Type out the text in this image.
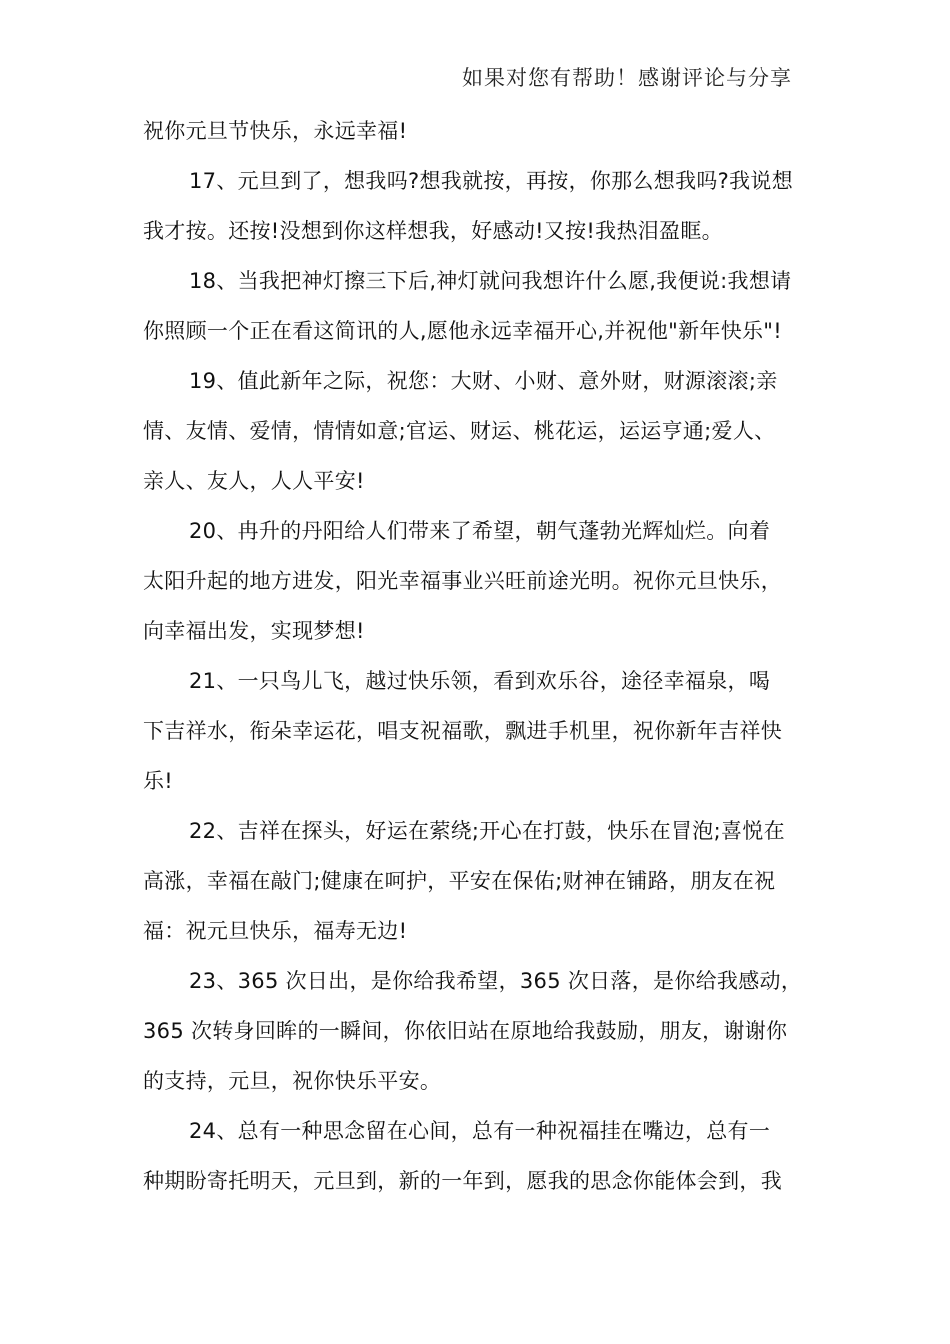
如果对您有帮助！感谢评论与分享
祝你元旦节快乐，永远幸福!
17、元旦到了，想我吗?想我就按，再按，你那么想我吗?我说想
我才按。还按!没想到你这样想我，好感动!又按!我热泪盈眶。
18、当我把神灯擦三下后,神灯就问我想许什么愿,我便说:我想请
你照顾一个正在看这简讯的人,愿他永远幸福开心,并祝他"新年快乐"!
19、值此新年之际，祝您：大财、小财、意外财，财源滚滚;亲
情、友情、爱情，情情如意;官运、财运、桃花运，运运亨通;爱人、
亲人、友人，人人平安!
20、冉升的丹阳给人们带来了希望，朝气蓬勃光辉灿烂。向着
太阳升起的地方进发，阳光幸福事业兴旺前途光明。祝你元旦快乐，
向幸福出发，实现梦想!
21、一只鸟儿飞，越过快乐领，看到欢乐谷，途径幸福泉，喝
下吉祥水，衔朵幸运花，唱支祝福歌，飘进手机里，祝你新年吉祥快
乐!
22、吉祥在探头，好运在萦绕;开心在打鼓，快乐在冒泡;喜悦在
高涨，幸福在敲门;健康在呵护，平安在保佑;财神在铺路，朋友在祝
福：祝元旦快乐，福寿无边!
23、365 次日出，是你给我希望，365 次日落，是你给我感动，
365 次转身回眸的一瞬间，你依旧站在原地给我鼓励，朋友，谢谢你
的支持，元旦，祝你快乐平安。
24、总有一种思念留在心间，总有一种祝福挂在嘴边，总有一
种期盼寄托明天，元旦到，新的一年到，愿我的思念你能体会到，我
